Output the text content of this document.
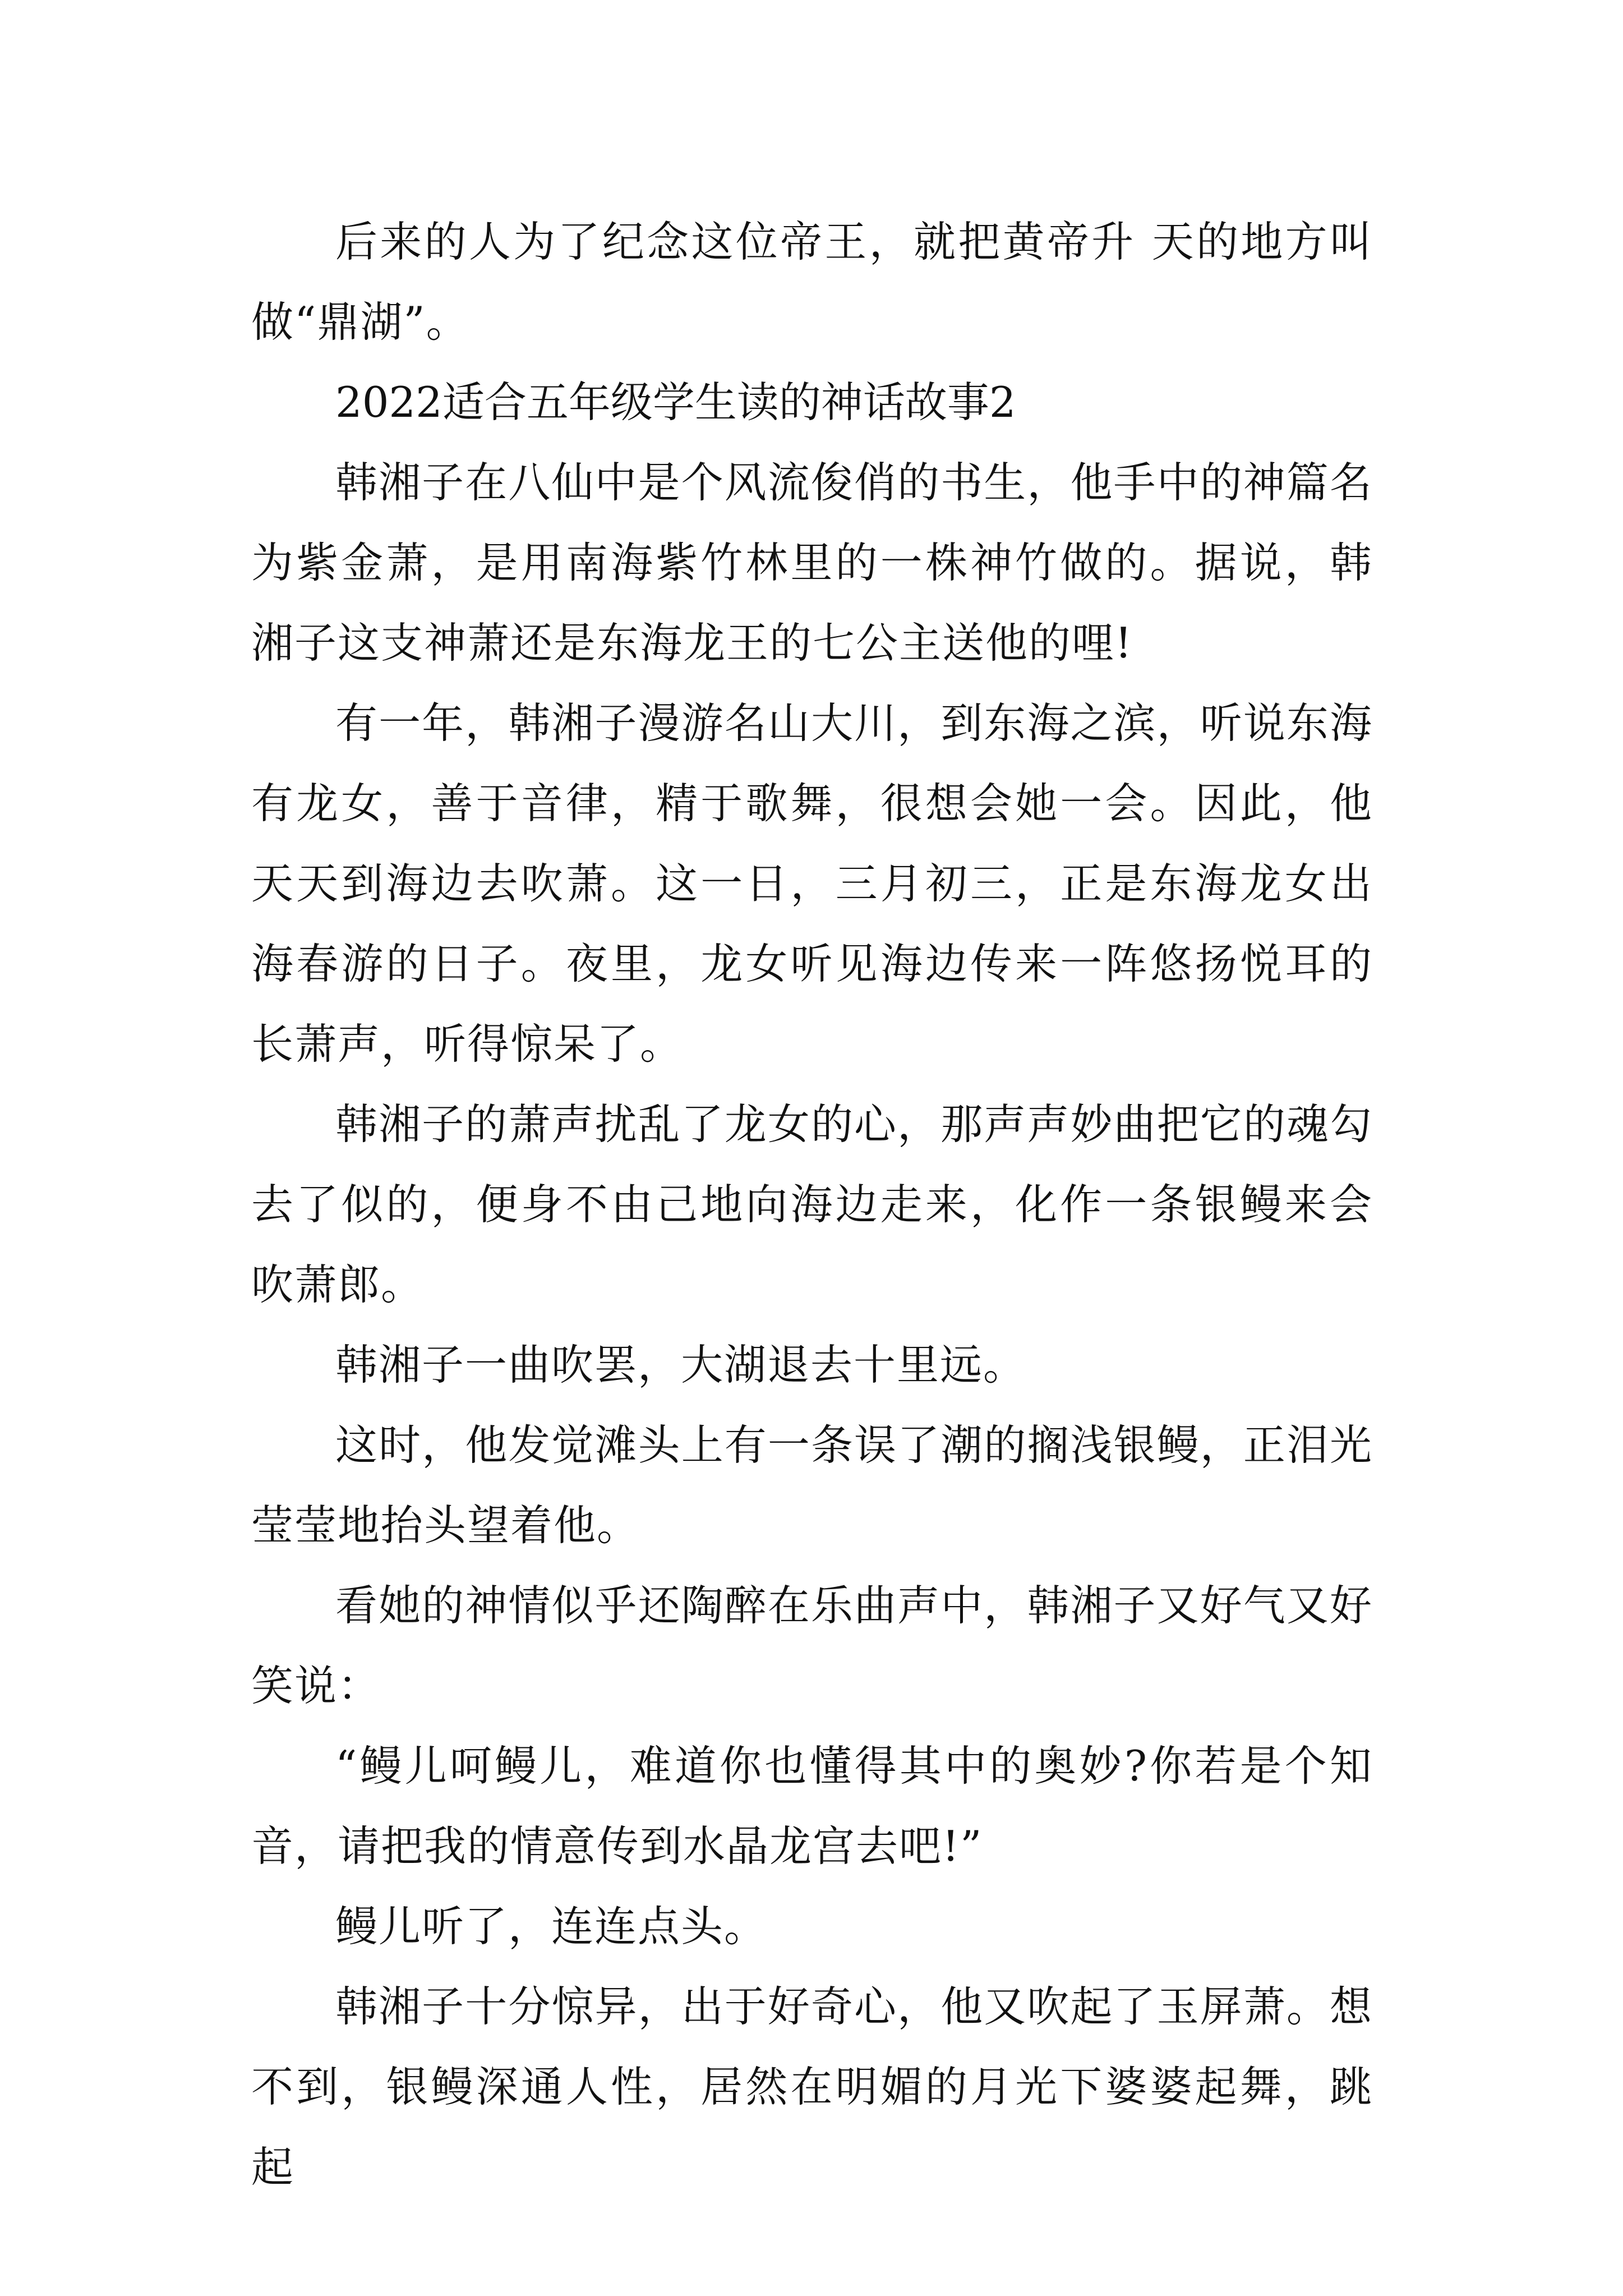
后来的人为了纪念这位帝王，就把黄帝升 天的地方叫做“鼎湖”。

2022适合五年级学生读的神话故事2

韩湘子在八仙中是个风流俊俏的书生，他手中的神篇名为紫金萧，是用南海紫竹林里的一株神竹做的。据说，韩湘子这支神萧还是东海龙王的七公主送他的哩!

有一年，韩湘子漫游名山大川，到东海之滨，听说东海有龙女，善于音律，精于歌舞，很想会她一会。因此，他天天到海边去吹萧。这一日，三月初三，正是东海龙女出海春游的日子。夜里，龙女听见海边传来一阵悠扬悦耳的长萧声，听得惊呆了。

韩湘子的萧声扰乱了龙女的心，那声声妙曲把它的魂勾去了似的，便身不由己地向海边走来，化作一条银鳗来会吹萧郎。

韩湘子一曲吹罢，大湖退去十里远。

这时，他发觉滩头上有一条误了潮的搁浅银鳗，正泪光莹莹地抬头望着他。

看她的神情似乎还陶醉在乐曲声中，韩湘子又好气又好笑说：

“鳗儿呵鳗儿，难道你也懂得其中的奥妙?你若是个知音，请把我的情意传到水晶龙宫去吧!”

鳗儿听了，连连点头。

韩湘子十分惊异，出于好奇心，他又吹起了玉屏萧。想不到，银鳗深通人性，居然在明媚的月光下婆婆起舞，跳起
